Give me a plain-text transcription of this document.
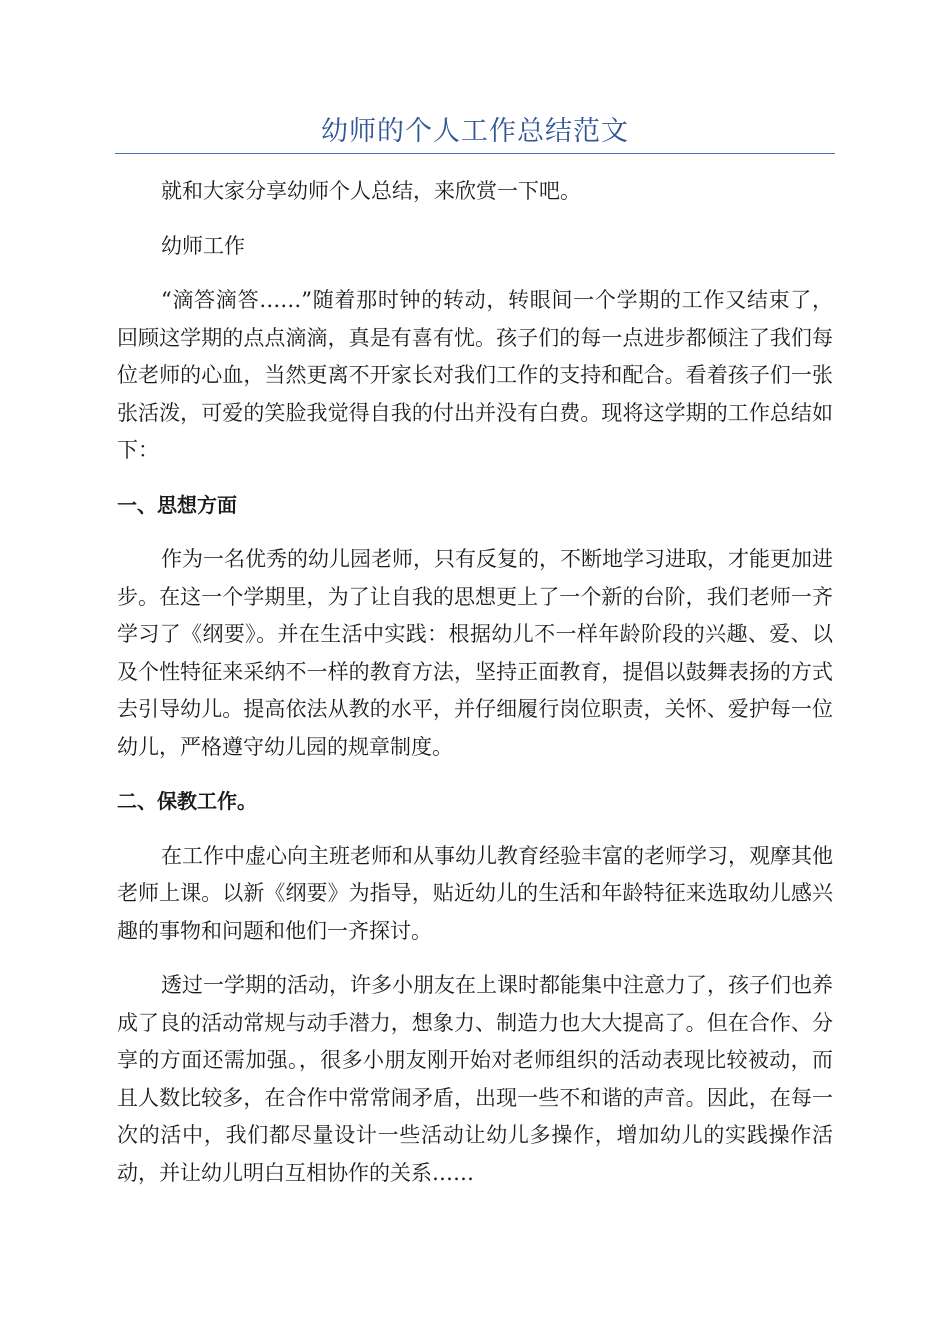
幼师的个人工作总结范文

就和大家分享幼师个人总结，来欣赏一下吧。

幼师工作

“滴答滴答……”随着那时钟的转动，转眼间一个学期的工作又结束了，回顾这学期的点点滴滴，真是有喜有忧。孩子们的每一点进步都倾注了我们每位老师的心血，当然更离不开家长对我们工作的支持和配合。看着孩子们一张张活泼，可爱的笑脸我觉得自我的付出并没有白费。现将这学期的工作总结如下：

一、思想方面

作为一名优秀的幼儿园老师，只有反复的，不断地学习进取，才能更加进步。在这一个学期里，为了让自我的思想更上了一个新的台阶，我们老师一齐学习了《纲要》。并在生活中实践：根据幼儿不一样年龄阶段的兴趣、爱、以及个性特征来采纳不一样的教育方法，坚持正面教育，提倡以鼓舞表扬的方式去引导幼儿。提高依法从教的水平，并仔细履行岗位职责，关怀、爱护每一位幼儿，严格遵守幼儿园的规章制度。

二、保教工作。

在工作中虚心向主班老师和从事幼儿教育经验丰富的老师学习，观摩其他老师上课。以新《纲要》为指导，贴近幼儿的生活和年龄特征来选取幼儿感兴趣的事物和问题和他们一齐探讨。

透过一学期的活动，许多小朋友在上课时都能集中注意力了，孩子们也养成了良的活动常规与动手潜力，想象力、制造力也大大提高了。但在合作、分享的方面还需加强。，很多小朋友刚开始对老师组织的活动表现比较被动，而且人数比较多，在合作中常常闹矛盾，出现一些不和谐的声音。因此，在每一次的活中，我们都尽量设计一些活动让幼儿多操作，增加幼儿的实践操作活动，并让幼儿明白互相协作的关系……
